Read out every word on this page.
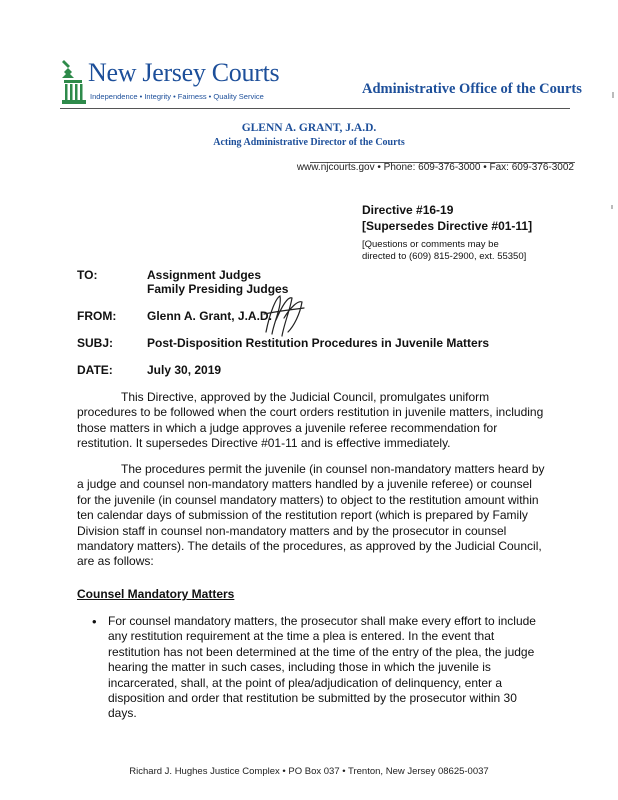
New Jersey Courts
Independence • Integrity • Fairness • Quality Service	Administrative Office of the Courts
GLENN A. GRANT, J.A.D.
Acting Administrative Director of the Courts
www.njcourts.gov • Phone: 609-376-3000 • Fax: 609-376-3002
Directive #16-19
[Supersedes Directive #01-11]
[Questions or comments may be
directed to (609) 815-2900, ext. 55350]
TO:	Assignment Judges
Family Presiding Judges
FROM:	Glenn A. Grant, J.A.D.
SUBJ:	Post-Disposition Restitution Procedures in Juvenile Matters
DATE:	July 30, 2019
This Directive, approved by the Judicial Council, promulgates uniform procedures to be followed when the court orders restitution in juvenile matters, including those matters in which a judge approves a juvenile referee recommendation for restitution. It supersedes Directive #01-11 and is effective immediately.
The procedures permit the juvenile (in counsel non-mandatory matters heard by a judge and counsel non-mandatory matters handled by a juvenile referee) or counsel for the juvenile (in counsel mandatory matters) to object to the restitution amount within ten calendar days of submission of the restitution report (which is prepared by Family Division staff in counsel non-mandatory matters and by the prosecutor in counsel mandatory matters). The details of the procedures, as approved by the Judicial Council, are as follows:
Counsel Mandatory Matters
• For counsel mandatory matters, the prosecutor shall make every effort to include any restitution requirement at the time a plea is entered. In the event that restitution has not been determined at the time of the entry of the plea, the judge hearing the matter in such cases, including those in which the juvenile is incarcerated, shall, at the point of plea/adjudication of delinquency, enter a disposition and order that restitution be submitted by the prosecutor within 30 days.
Richard J. Hughes Justice Complex • PO Box 037 • Trenton, New Jersey 08625-0037
